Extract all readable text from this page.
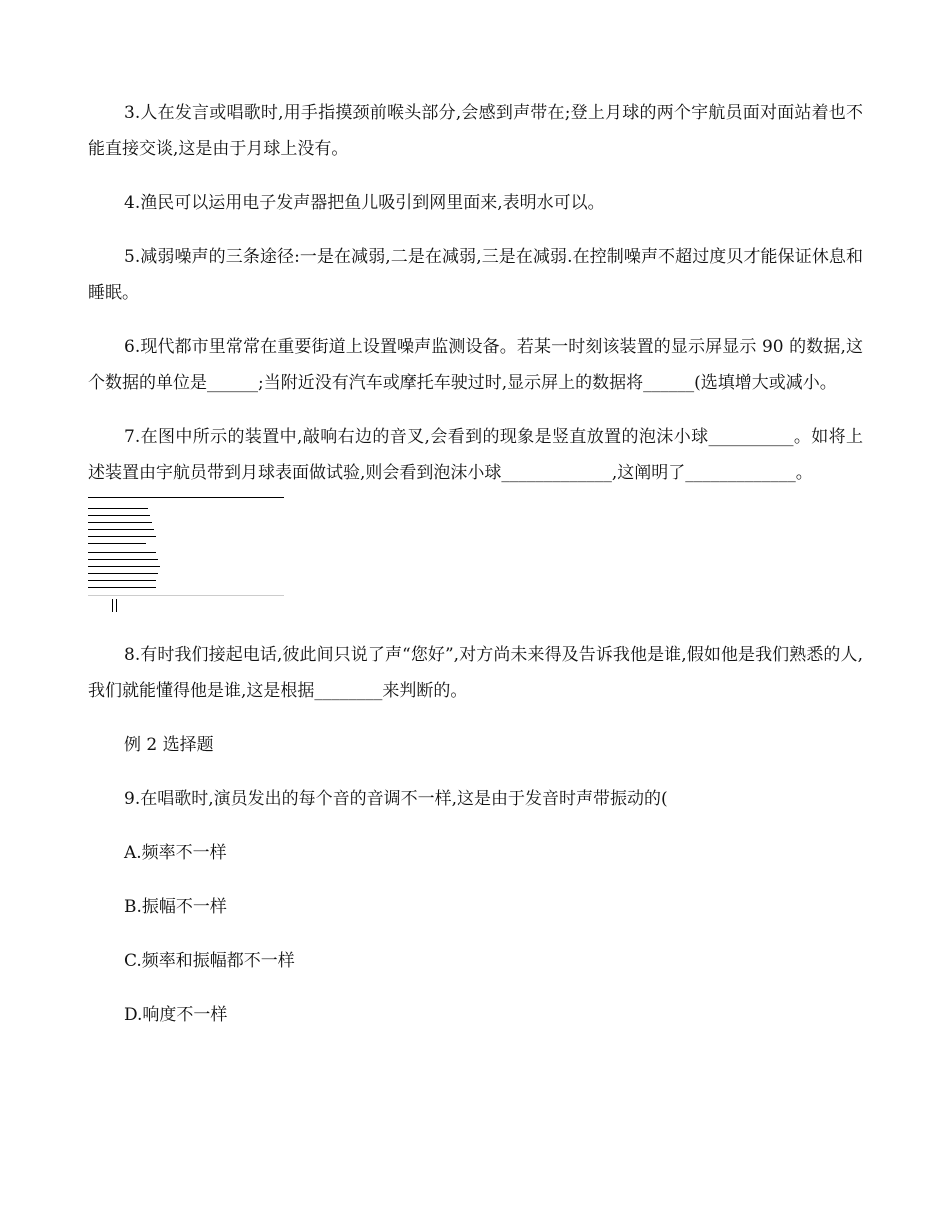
3.人在发言或唱歌时,用手指摸颈前喉头部分,会感到声带在;登上月球的两个宇航员面对面站着也不能直接交谈,这是由于月球上没有。

4.渔民可以运用电子发声器把鱼儿吸引到网里面来,表明水可以。

5.减弱噪声的三条途径:一是在减弱,二是在减弱,三是在减弱.在控制噪声不超过度贝才能保证休息和睡眠。

6.现代都市里常常在重要街道上设置噪声监测设备。若某一时刻该装置的显示屏显示 90 的数据,这个数据的单位是______;当附近没有汽车或摩托车驶过时,显示屏上的数据将______(选填增大或减小。

7.在图中所示的装置中,敲响右边的音叉,会看到的现象是竖直放置的泡沫小球__________。如将上述装置由宇航员带到月球表面做试验,则会看到泡沫小球_____________,这阐明了_____________。

8.有时我们接起电话,彼此间只说了声“您好”,对方尚未来得及告诉我他是谁,假如他是我们熟悉的人,我们就能懂得他是谁,这是根据________来判断的。

例 2 选择题

9.在唱歌时,演员发出的每个音的音调不一样,这是由于发音时声带振动的(

A.频率不一样

B.振幅不一样

C.频率和振幅都不一样

D.响度不一样
